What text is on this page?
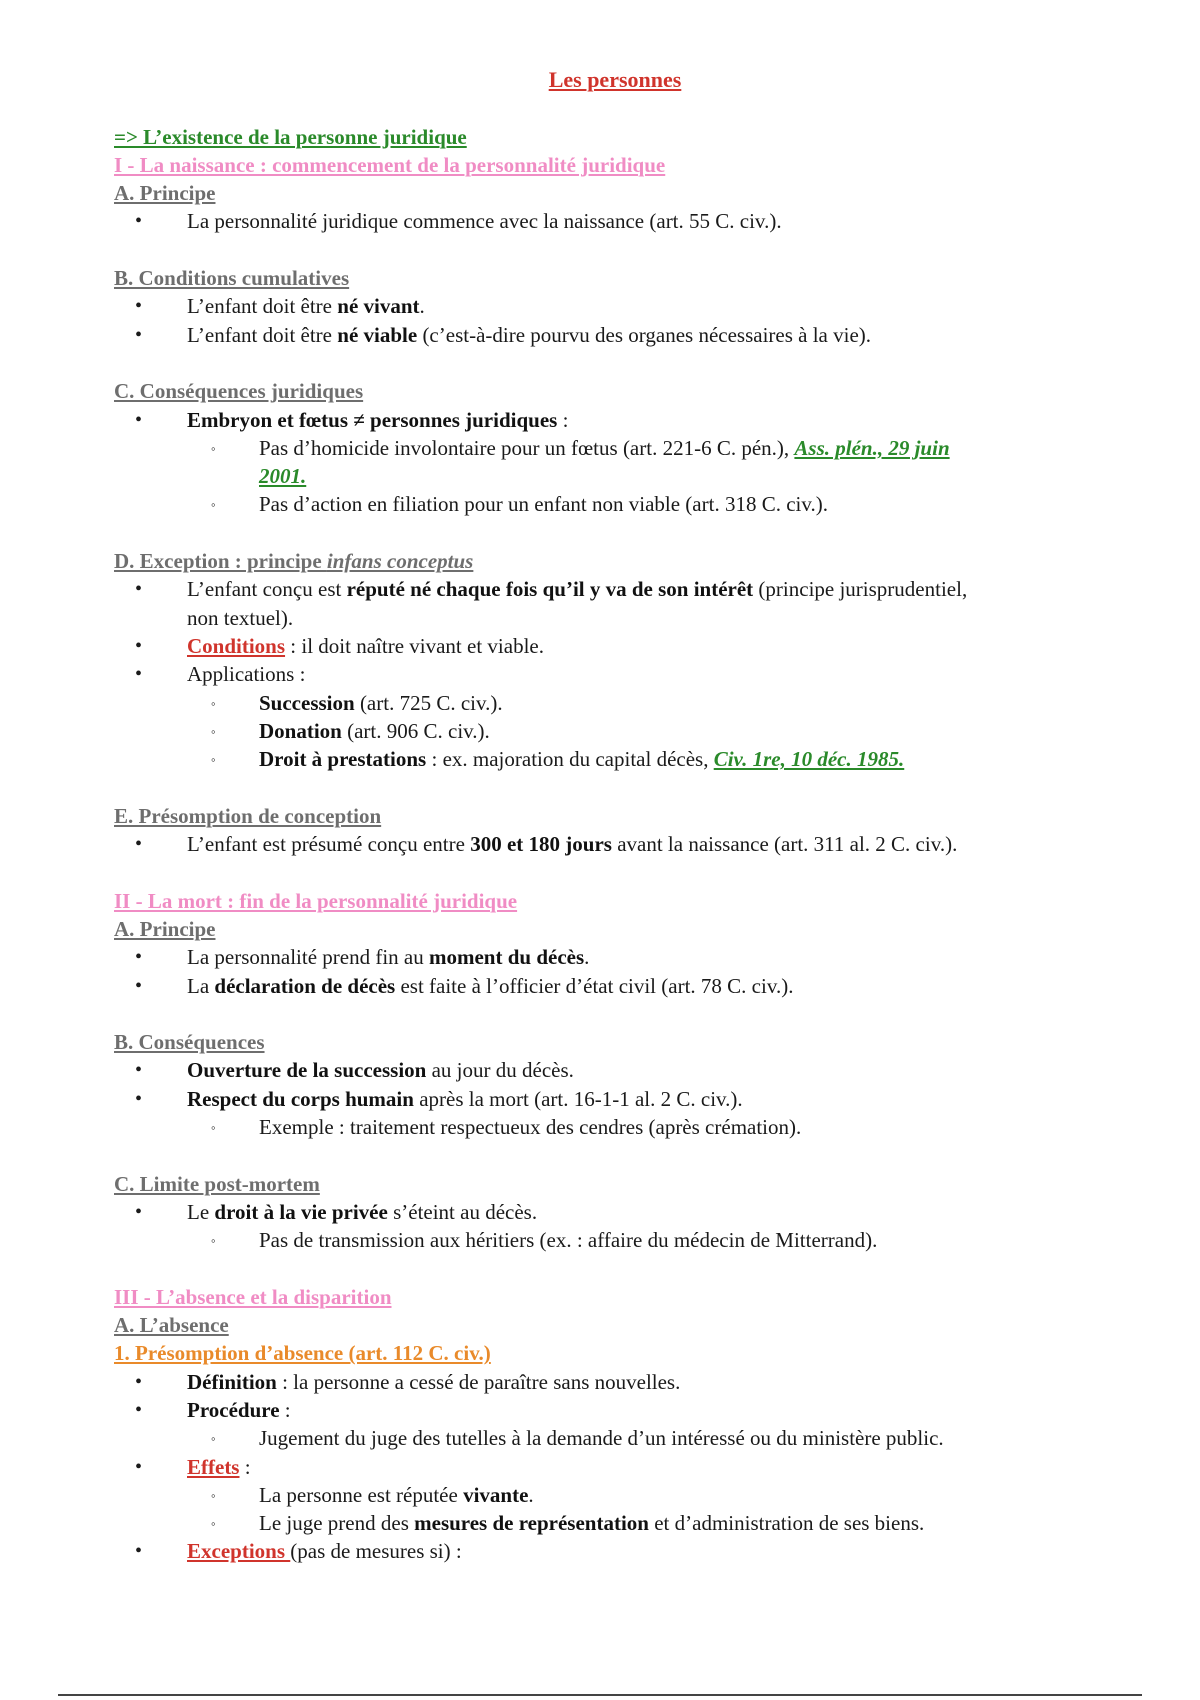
Les personnes
=> L’existence de la personne juridique
I - La naissance : commencement de la personnalité juridique
A. Principe
• La personnalité juridique commence avec la naissance (art. 55 C. civ.).
B. Conditions cumulatives
• L’enfant doit être né vivant.
• L’enfant doit être né viable (c’est-à-dire pourvu des organes nécessaires à la vie).
C. Conséquences juridiques
• Embryon et fœtus ≠ personnes juridiques :
◦ Pas d’homicide involontaire pour un fœtus (art. 221-6 C. pén.), Ass. plén., 29 juin
2001.
◦ Pas d’action en filiation pour un enfant non viable (art. 318 C. civ.).
D. Exception : principe infans conceptus
• L’enfant conçu est réputé né chaque fois qu’il y va de son intérêt (principe jurisprudentiel,
non textuel).
• Conditions : il doit naître vivant et viable.
• Applications :
◦ Succession (art. 725 C. civ.).
◦ Donation (art. 906 C. civ.).
◦ Droit à prestations : ex. majoration du capital décès, Civ. 1re, 10 déc. 1985.
E. Présomption de conception
• L’enfant est présumé conçu entre 300 et 180 jours avant la naissance (art. 311 al. 2 C. civ.).
II - La mort : fin de la personnalité juridique
A. Principe
• La personnalité prend fin au moment du décès.
• La déclaration de décès est faite à l’officier d’état civil (art. 78 C. civ.).
B. Conséquences
• Ouverture de la succession au jour du décès.
• Respect du corps humain après la mort (art. 16-1-1 al. 2 C. civ.).
◦ Exemple : traitement respectueux des cendres (après crémation).
C. Limite post-mortem
• Le droit à la vie privée s’éteint au décès.
◦ Pas de transmission aux héritiers (ex. : affaire du médecin de Mitterrand).
III - L’absence et la disparition
A. L’absence
1. Présomption d’absence (art. 112 C. civ.)
• Définition : la personne a cessé de paraître sans nouvelles.
• Procédure :
◦ Jugement du juge des tutelles à la demande d’un intéressé ou du ministère public.
• Effets :
◦ La personne est réputée vivante.
◦ Le juge prend des mesures de représentation et d’administration de ses biens.
• Exceptions (pas de mesures si) :
